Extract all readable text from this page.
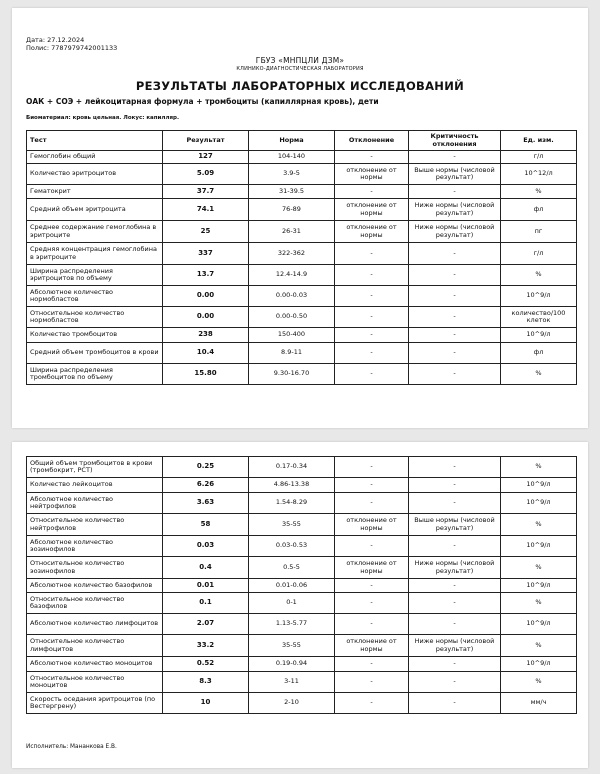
Дата: 27.12.2024
Полис: 7787979742001133
ГБУЗ «МНПЦЛИ ДЗМ»
КЛИНИКО-ДИАГНОСТИЧЕСКАЯ ЛАБОРАТОРИЯ
РЕЗУЛЬТАТЫ ЛАБОРАТОРНЫХ ИССЛЕДОВАНИЙ
ОАК + СОЭ + лейкоцитарная формула + тромбоциты (капиллярная кровь), дети
Биоматериал: кровь цельная. Локус: капилляр.
Тест	Результат	Норма	Отклонение	Критичность отклонения	Ед. изм.
Гемоглобин общий	127	104-140	-	-	г/л
Количество эритроцитов	5.09	3.9-5	отклонение от нормы	Выше нормы (числовой результат)	10^12/л
Гематокрит	37.7	31-39.5	-	-	%
Средний объем эритроцита	74.1	76-89	отклонение от нормы	Ниже нормы (числовой результат)	фл
Среднее содержание гемоглобина в эритроците	25	26-31	отклонение от нормы	Ниже нормы (числовой результат)	пг
Средняя концентрация гемоглобина в эритроците	337	322-362	-	-	г/л
Ширина распределения эритроцитов по объему	13.7	12.4-14.9	-	-	%
Абсолютное количество нормобластов	0.00	0.00-0.03	-	-	10^9/л
Относительное количество нормобластов	0.00	0.00-0.50	-	-	количество/100 клеток
Количество тромбоцитов	238	150-400	-	-	10^9/л
Средний объем тромбоцитов в крови	10.4	8.9-11	-	-	фл
Ширина распределения тромбоцитов по объему	15.80	9.30-16.70	-	-	%
Общий объем тромбоцитов в крови (тромбокрит, PCT)	0.25	0.17-0.34	-	-	%
Количество лейкоцитов	6.26	4.86-13.38	-	-	10^9/л
Абсолютное количество нейтрофилов	3.63	1.54-8.29	-	-	10^9/л
Относительное количество нейтрофилов	58	35-55	отклонение от нормы	Выше нормы (числовой результат)	%
Абсолютное количество эозинофилов	0.03	0.03-0.53	-	-	10^9/л
Относительное количество эозинофилов	0.4	0.5-5	отклонение от нормы	Ниже нормы (числовой результат)	%
Абсолютное количество базофилов	0.01	0.01-0.06	-	-	10^9/л
Относительное количество базофилов	0.1	0-1	-	-	%
Абсолютное количество лимфоцитов	2.07	1.13-5.77	-	-	10^9/л
Относительное количество лимфоцитов	33.2	35-55	отклонение от нормы	Ниже нормы (числовой результат)	%
Абсолютное количество моноцитов	0.52	0.19-0.94	-	-	10^9/л
Относительное количество моноцитов	8.3	3-11	-	-	%
Скорость оседания эритроцитов (по Вестергрену)	10	2-10	-	-	мм/ч
Исполнитель: Мананкова Е.В.
